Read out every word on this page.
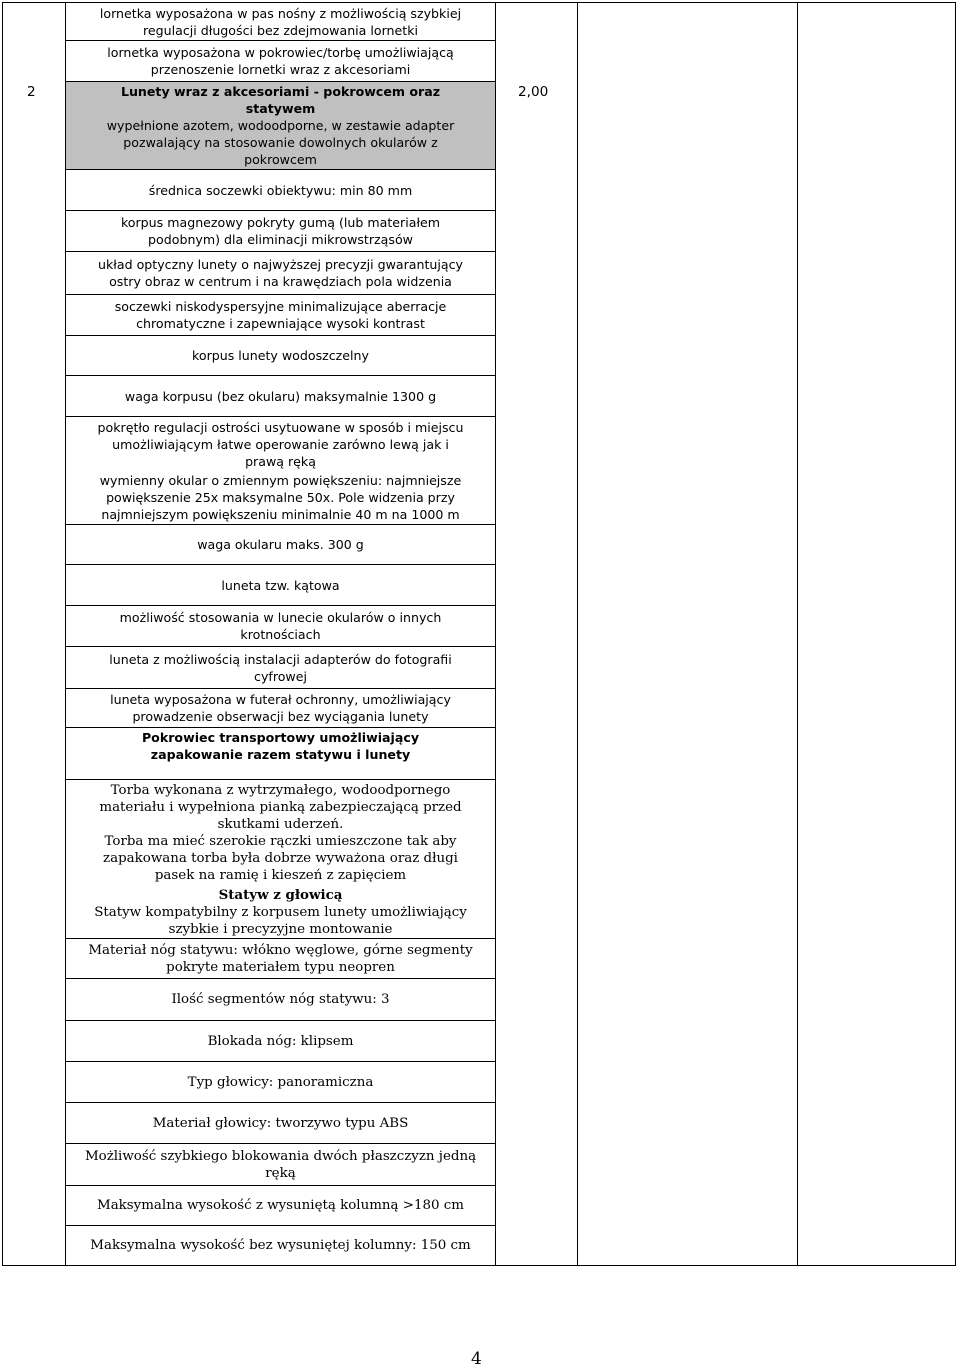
2	2,00
lornetka wyposażona w pas nośny z możliwością szybkiej
regulacji długości bez zdejmowania lornetki
lornetka wyposażona w pokrowiec/torbę umożliwiającą
przenoszenie lornetki wraz z akcesoriami
Lunety wraz z akcesoriami - pokrowcem oraz
statywem
wypełnione azotem, wodoodporne, w zestawie adapter
pozwalający na stosowanie dowolnych okularów z
pokrowcem
średnica soczewki obiektywu: min 80 mm
korpus magnezowy pokryty gumą (lub materiałem
podobnym) dla eliminacji mikrowstrząsów
układ optyczny lunety o najwyższej precyzji gwarantujący
ostry obraz w centrum i na krawędziach pola widzenia
soczewki niskodyspersyjne minimalizujące aberracje
chromatyczne i zapewniające wysoki kontrast
korpus lunety wodoszczelny
waga korpusu (bez okularu) maksymalnie 1300 g
pokrętło regulacji ostrości usytuowane w sposób i miejscu
umożliwiającym łatwe operowanie zarówno lewą jak i
prawą ręką
wymienny okular o zmiennym powiększeniu: najmniejsze
powiększenie 25x maksymalne 50x. Pole widzenia przy
najmniejszym powiększeniu minimalnie 40 m na 1000 m
waga okularu maks. 300 g
luneta tzw. kątowa
możliwość stosowania w lunecie okularów o innych
krotnościach
luneta z możliwością instalacji adapterów do fotografii
cyfrowej
luneta wyposażona w futerał ochronny, umożliwiający
prowadzenie obserwacji bez wyciągania lunety
Pokrowiec transportowy umożliwiający
zapakowanie razem statywu i lunety
Torba wykonana z wytrzymałego, wodoodpornego
materiału i wypełniona pianką zabezpieczającą przed
skutkami uderzeń.
Torba ma mieć szerokie rączki umieszczone tak aby
zapakowana torba była dobrze wyważona oraz długi
pasek na ramię i kieszeń z zapięciem
Statyw z głowicą
Statyw kompatybilny z korpusem lunety umożliwiający
szybkie i precyzyjne montowanie
Materiał nóg statywu: włókno węglowe, górne segmenty
pokryte materiałem typu neopren
Ilość segmentów nóg statywu: 3
Blokada nóg: klipsem
Typ głowicy: panoramiczna
Materiał głowicy: tworzywo typu ABS
Możliwość szybkiego blokowania dwóch płaszczyzn jedną
ręką
Maksymalna wysokość z wysuniętą kolumną >180 cm
Maksymalna wysokość bez wysuniętej kolumny: 150 cm
4
